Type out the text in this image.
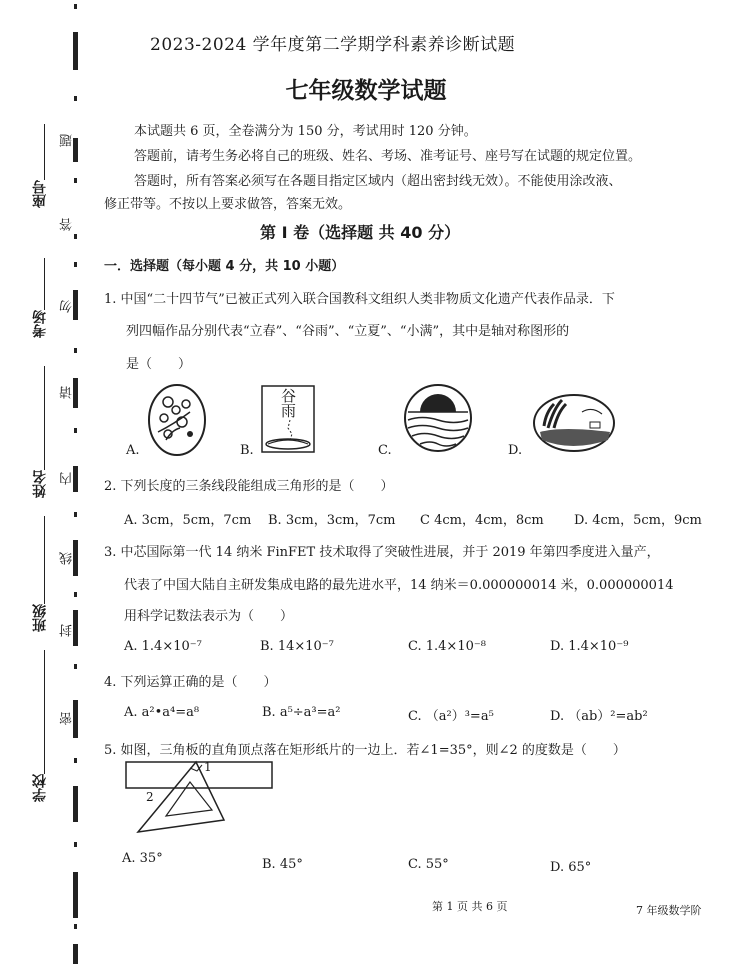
题
答
勿
请
内
线
封
密
座号
考场
姓名
班级
学校
2023-2024 学年度第二学期学科素养诊断试题
七年级数学试题
本试题共 6 页，全卷满分为 150 分，考试用时 120 分钟。
答题前，请考生务必将自己的班级、姓名、考场、准考证号、座号写在试题的规定位置。
答题时，所有答案必须写在各题目指定区域内（超出密封线无效）。不能使用涂改液、
修正带等。不按以上要求做答，答案无效。
第 I 卷（选择题 共 40 分）
一．选择题（每小题 4 分，共 10 小题）
1. 中国“二十四节气”已被正式列入联合国教科文组织人类非物质文化遗产代表作品录．下
列四幅作品分别代表“立春”、“谷雨”、“立夏”、“小满”，其中是轴对称图形的
是（　　）
谷雨
A.	B.	C.	D.
2. 下列长度的三条线段能组成三角形的是（　　）
A. 3cm，5cm，7cm B. 3cm，3cm，7cm C 4cm，4cm，8cm D. 4cm，5cm，9cm
3. 中芯国际第一代 14 纳米 FinFET 技术取得了突破性进展，并于 2019 年第四季度进入量产，
代表了中国大陆自主研发集成电路的最先进水平，14 纳米＝0.000000014 米，0.000000014
用科学记数法表示为（　　）
A. 1.4×10⁻⁷	B. 14×10⁻⁷	C. 1.4×10⁻⁸	D. 1.4×10⁻⁹
4. 下列运算正确的是（　　）
A. a²•a⁴=a⁸	B. a⁵÷a³=a²	C. （a²）³=a⁵	D. （ab）²=ab²
5. 如图，三角板的直角顶点落在矩形纸片的一边上．若∠1=35°，则∠2 的度数是（　　）
1
2
A. 35°	B. 45°	C. 55°	D. 65°
第 1 页 共 6 页	7 年级数学阶
